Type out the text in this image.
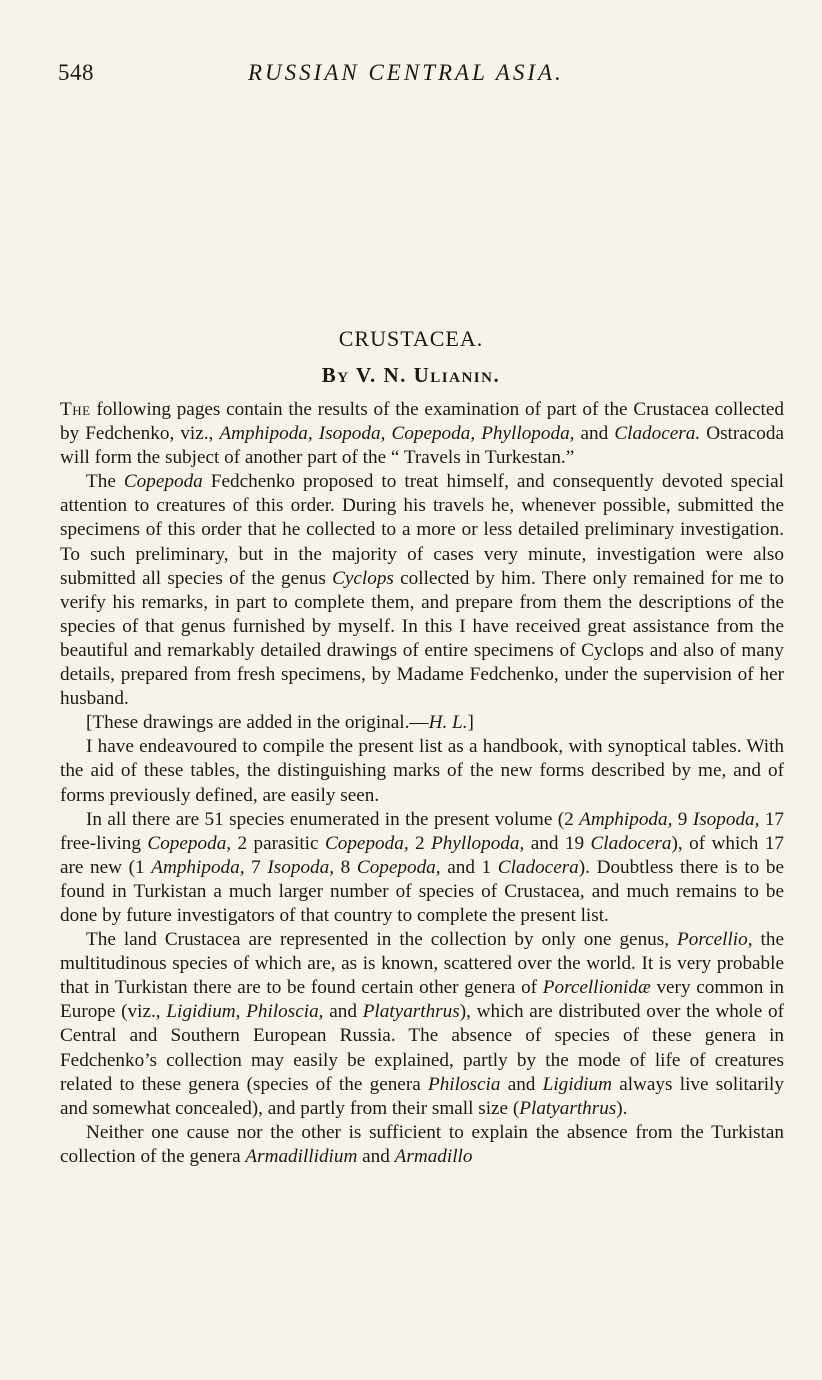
548	RUSSIAN CENTRAL ASIA.
CRUSTACEA.
By V. N. Ulianin.

The following pages contain the results of the examination of part of the Crustacea collected by Fedchenko, viz., Amphipoda, Isopoda, Copepoda, Phyllopoda, and Cladocera. Ostracoda will form the subject of another part of the “ Travels in Turkestan.”

The Copepoda Fedchenko proposed to treat himself, and consequently devoted special attention to creatures of this order. During his travels he, whenever possible, submitted the specimens of this order that he collected to a more or less detailed preliminary investigation. To such preliminary, but in the majority of cases very minute, investigation were also submitted all species of the genus Cyclops collected by him. There only remained for me to verify his remarks, in part to complete them, and prepare from them the descriptions of the species of that genus furnished by myself. In this I have received great assistance from the beautiful and remarkably detailed drawings of entire specimens of Cyclops and also of many details, prepared from fresh specimens, by Madame Fedchenko, under the supervision of her husband.

[These drawings are added in the original.—H. L.]

I have endeavoured to compile the present list as a handbook, with synoptical tables. With the aid of these tables, the distinguishing marks of the new forms described by me, and of forms previously defined, are easily seen.

In all there are 51 species enumerated in the present volume (2 Amphipoda, 9 Isopoda, 17 free-living Copepoda, 2 parasitic Copepoda, 2 Phyllopoda, and 19 Cladocera), of which 17 are new (1 Amphipoda, 7 Isopoda, 8 Copepoda, and 1 Cladocera). Doubtless there is to be found in Turkistan a much larger number of species of Crustacea, and much remains to be done by future investigators of that country to complete the present list.

The land Crustacea are represented in the collection by only one genus, Porcellio, the multitudinous species of which are, as is known, scattered over the world. It is very probable that in Turkistan there are to be found certain other genera of Porcellionidæ very common in Europe (viz., Ligidium, Philoscia, and Platyarthrus), which are distributed over the whole of Central and Southern European Russia. The absence of species of these genera in Fedchenko’s collection may easily be explained, partly by the mode of life of creatures related to these genera (species of the genera Philoscia and Ligidium always live solitarily and somewhat concealed), and partly from their small size (Platyarthrus).

Neither one cause nor the other is sufficient to explain the absence from the Turkistan collection of the genera Armadillidium and Armadillo
